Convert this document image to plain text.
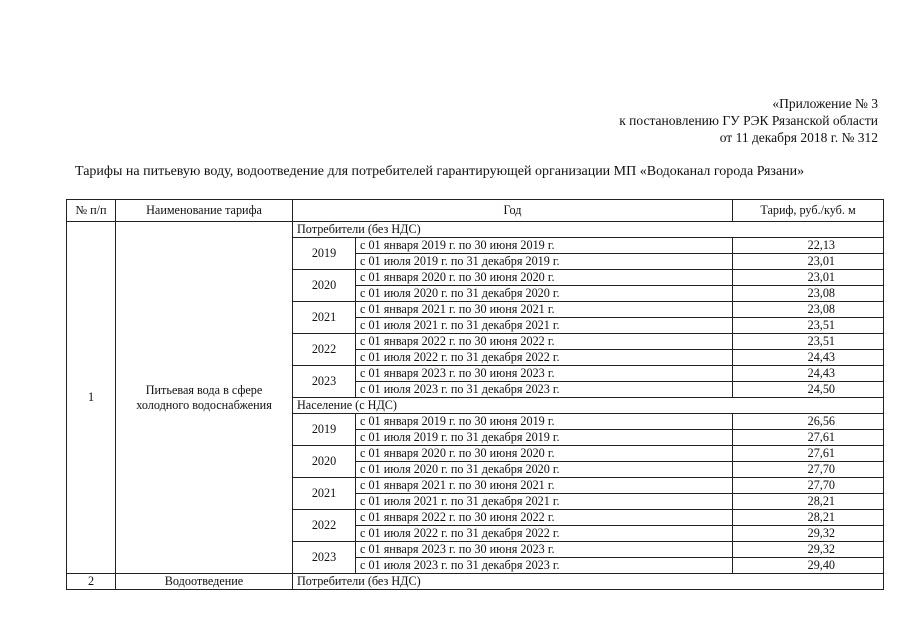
«Приложение № 3
к постановлению ГУ РЭК Рязанской области
от 11 декабря 2018 г. № 312
Тарифы на питьевую воду, водоотведение для потребителей гарантирующей организации МП «Водоканал города Рязани»
№ п/п	Наименование тарифа	Год		Тариф, руб./куб. м
1	Питьевая вода в сфере холодного водоснабжения	Потребители (без НДС)		
		2019	с 01 января 2019 г. по 30 июня 2019 г.	22,13
			с 01 июля 2019 г. по 31 декабря 2019 г.	23,01
		2020	с 01 января 2020 г. по 30 июня 2020 г.	23,01
			с 01 июля 2020 г. по 31 декабря 2020 г.	23,08
		2021	с 01 января 2021 г. по 30 июня 2021 г.	23,08
			с 01 июля 2021 г. по 31 декабря 2021 г.	23,51
		2022	с 01 января 2022 г. по 30 июня 2022 г.	23,51
			с 01 июля 2022 г. по 31 декабря 2022 г.	24,43
		2023	с 01 января 2023 г. по 30 июня 2023 г.	24,43
			с 01 июля 2023 г. по 31 декабря 2023 г.	24,50
		Население (с НДС)		
		2019	с 01 января 2019 г. по 30 июня 2019 г.	26,56
			с 01 июля 2019 г. по 31 декабря 2019 г.	27,61
		2020	с 01 января 2020 г. по 30 июня 2020 г.	27,61
			с 01 июля 2020 г. по 31 декабря 2020 г.	27,70
		2021	с 01 января 2021 г. по 30 июня 2021 г.	27,70
			с 01 июля 2021 г. по 31 декабря 2021 г.	28,21
		2022	с 01 января 2022 г. по 30 июня 2022 г.	28,21
			с 01 июля 2022 г. по 31 декабря 2022 г.	29,32
		2023	с 01 января 2023 г. по 30 июня 2023 г.	29,32
			с 01 июля 2023 г. по 31 декабря 2023 г.	29,40
2	Водоотведение	Потребители (без НДС)		
